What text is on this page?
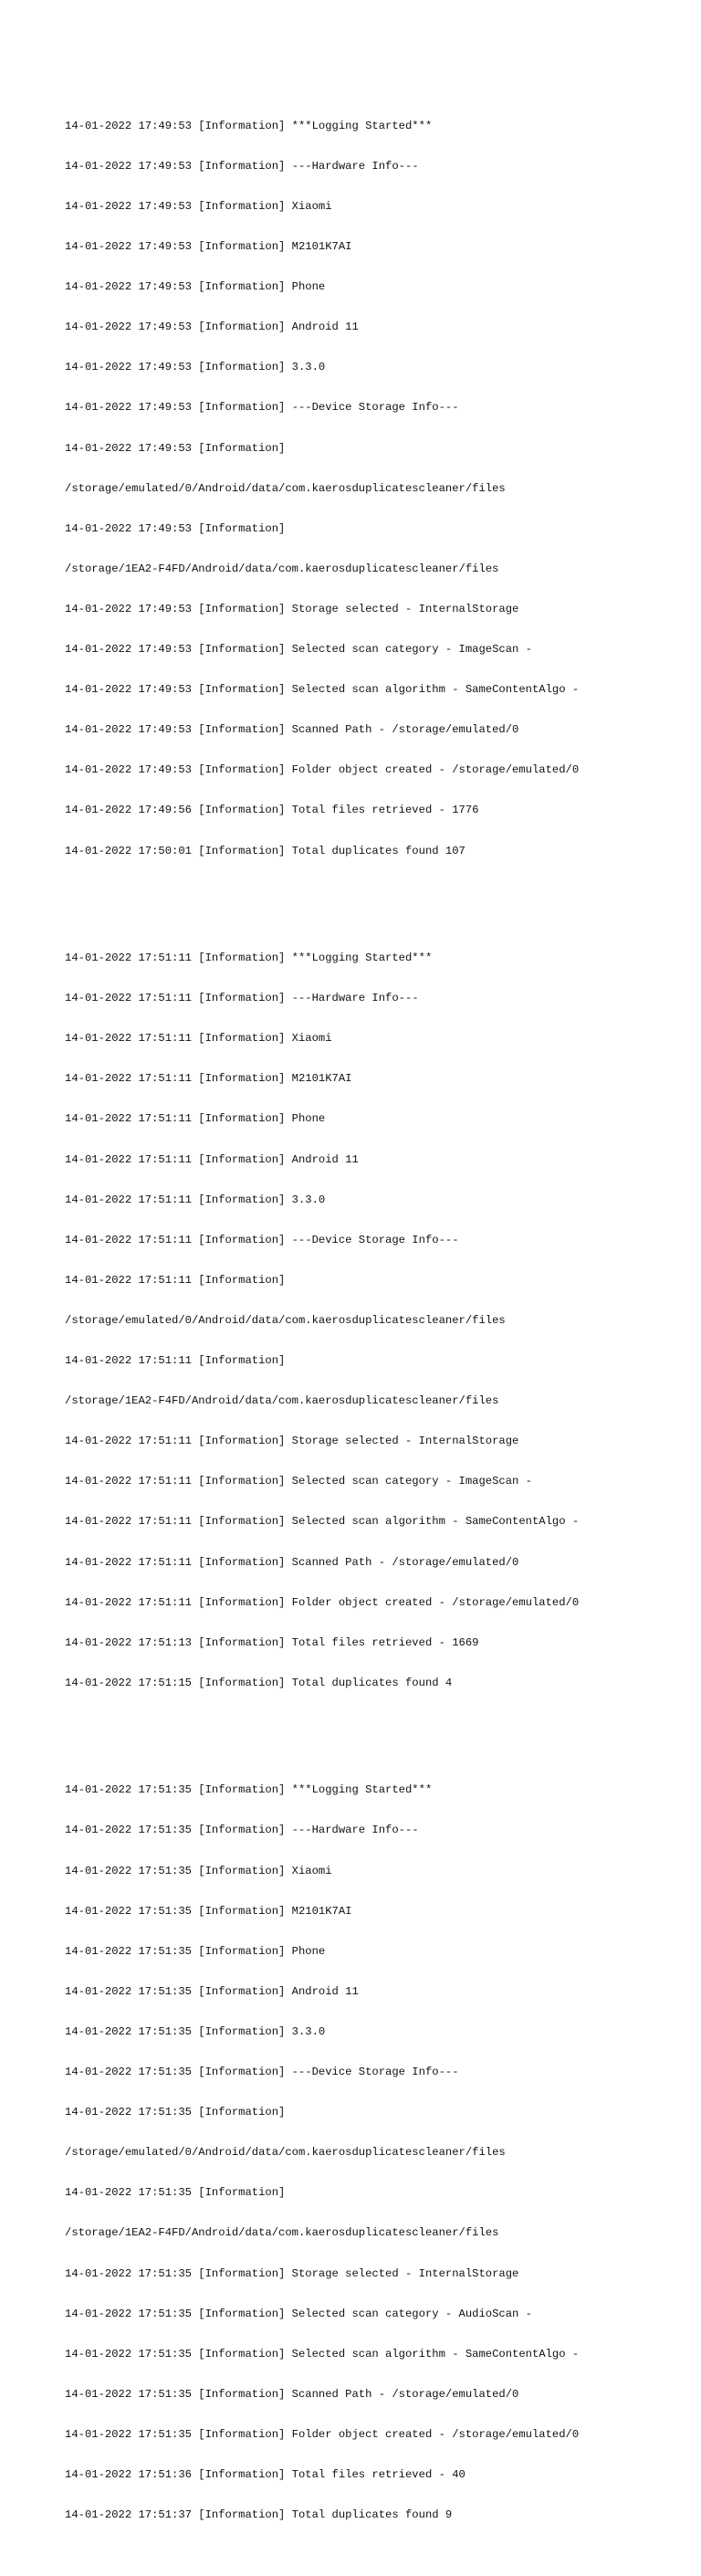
14-01-2022 17:49:53 [Information] ***Logging Started***

14-01-2022 17:49:53 [Information] ---Hardware Info---

14-01-2022 17:49:53 [Information] Xiaomi

14-01-2022 17:49:53 [Information] M2101K7AI

14-01-2022 17:49:53 [Information] Phone

14-01-2022 17:49:53 [Information] Android 11

14-01-2022 17:49:53 [Information] 3.3.0

14-01-2022 17:49:53 [Information] ---Device Storage Info---

14-01-2022 17:49:53 [Information]

/storage/emulated/0/Android/data/com.kaerosduplicatescleaner/files

14-01-2022 17:49:53 [Information]

/storage/1EA2-F4FD/Android/data/com.kaerosduplicatescleaner/files

14-01-2022 17:49:53 [Information] Storage selected - InternalStorage

14-01-2022 17:49:53 [Information] Selected scan category - ImageScan -

14-01-2022 17:49:53 [Information] Selected scan algorithm - SameContentAlgo -

14-01-2022 17:49:53 [Information] Scanned Path - /storage/emulated/0

14-01-2022 17:49:53 [Information] Folder object created - /storage/emulated/0

14-01-2022 17:49:56 [Information] Total files retrieved - 1776

14-01-2022 17:50:01 [Information] Total duplicates found 107

14-01-2022 17:51:11 [Information] ***Logging Started***

14-01-2022 17:51:11 [Information] ---Hardware Info---

14-01-2022 17:51:11 [Information] Xiaomi

14-01-2022 17:51:11 [Information] M2101K7AI

14-01-2022 17:51:11 [Information] Phone

14-01-2022 17:51:11 [Information] Android 11

14-01-2022 17:51:11 [Information] 3.3.0

14-01-2022 17:51:11 [Information] ---Device Storage Info---

14-01-2022 17:51:11 [Information]

/storage/emulated/0/Android/data/com.kaerosduplicatescleaner/files

14-01-2022 17:51:11 [Information]

/storage/1EA2-F4FD/Android/data/com.kaerosduplicatescleaner/files

14-01-2022 17:51:11 [Information] Storage selected - InternalStorage

14-01-2022 17:51:11 [Information] Selected scan category - ImageScan -

14-01-2022 17:51:11 [Information] Selected scan algorithm - SameContentAlgo -

14-01-2022 17:51:11 [Information] Scanned Path - /storage/emulated/0

14-01-2022 17:51:11 [Information] Folder object created - /storage/emulated/0

14-01-2022 17:51:13 [Information] Total files retrieved - 1669

14-01-2022 17:51:15 [Information] Total duplicates found 4

14-01-2022 17:51:35 [Information] ***Logging Started***

14-01-2022 17:51:35 [Information] ---Hardware Info---

14-01-2022 17:51:35 [Information] Xiaomi

14-01-2022 17:51:35 [Information] M2101K7AI

14-01-2022 17:51:35 [Information] Phone

14-01-2022 17:51:35 [Information] Android 11

14-01-2022 17:51:35 [Information] 3.3.0

14-01-2022 17:51:35 [Information] ---Device Storage Info---

14-01-2022 17:51:35 [Information]

/storage/emulated/0/Android/data/com.kaerosduplicatescleaner/files

14-01-2022 17:51:35 [Information]

/storage/1EA2-F4FD/Android/data/com.kaerosduplicatescleaner/files

14-01-2022 17:51:35 [Information] Storage selected - InternalStorage

14-01-2022 17:51:35 [Information] Selected scan category - AudioScan -

14-01-2022 17:51:35 [Information] Selected scan algorithm - SameContentAlgo -

14-01-2022 17:51:35 [Information] Scanned Path - /storage/emulated/0

14-01-2022 17:51:35 [Information] Folder object created - /storage/emulated/0

14-01-2022 17:51:36 [Information] Total files retrieved - 40

14-01-2022 17:51:37 [Information] Total duplicates found 9
